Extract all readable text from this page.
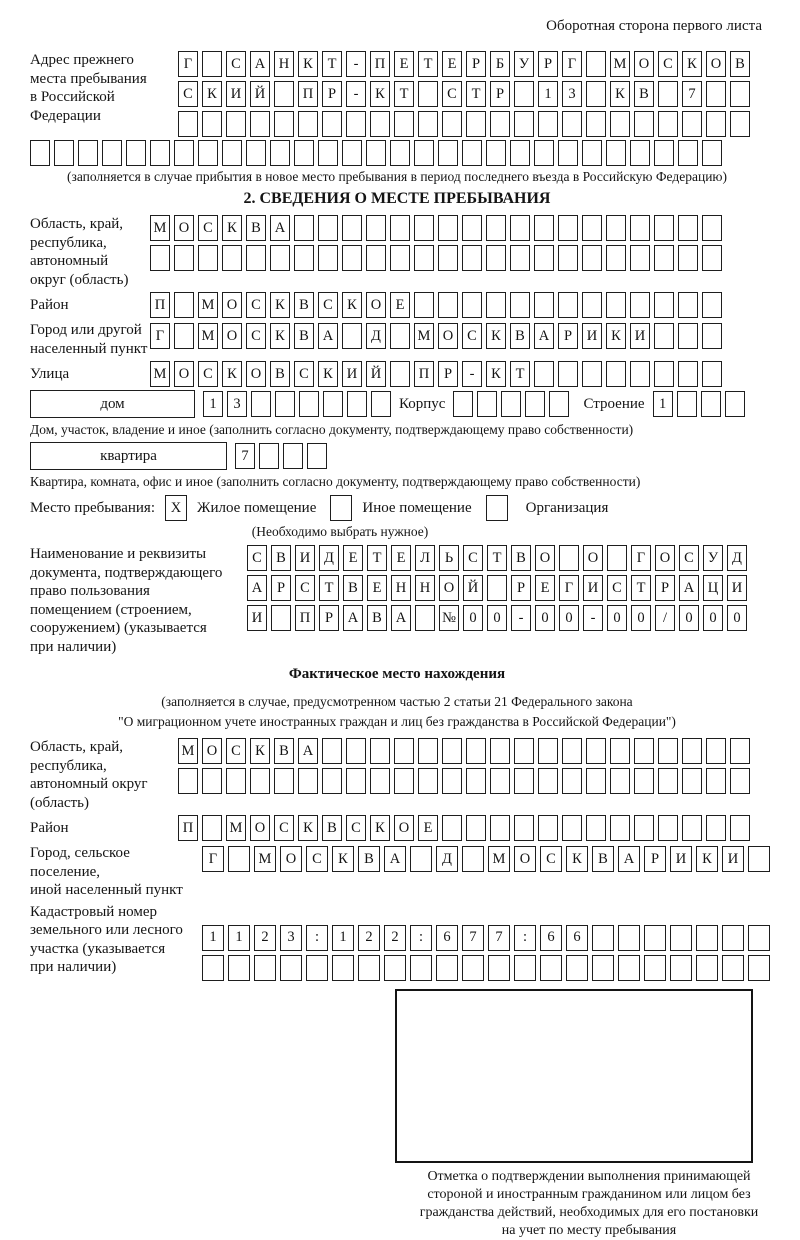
Оборотная сторона первого листа
Адрес прежнего
места пребывания
в Российской
Федерации
Г	С А Н К	Т	-	П Е	Т	Е	Р	Б	У	Р	Г	М О С К О В
С К И Й	П	Р	-	К	Т	С	Т	Р	1	3	К В	7
(заполняется в случае прибытия в новое место пребывания в период последнего въезда в Российскую Федерацию)
2. СВЕДЕНИЯ О МЕСТЕ ПРЕБЫВАНИЯ
Область, край,
республика,
автономный
округ (область)
М О С К В А
Район	П	М О С К В С К О Е
Город или другой
населенный пункт
Г	М О С К В А	Д	М О С К В А	Р	И К И
Улица	М О С К О В С К И Й	П	Р	-	К	Т
дом	1	3	Корпус	Строение 1
Дом, участок, владение и иное (заполнить согласно документу, подтверждающему право собственности)
квартира	7
Квартира, комната, офис и иное (заполнить согласно документу, подтверждающему право собственности)
Место пребывания:	X	Жилое помещение	Иное помещение	Организация
(Необходимо выбрать нужное)
Наименование и реквизиты
документа, подтверждающего
право пользования
помещением (строением,
сооружением) (указывается
при наличии)
С В И Д	Е	Т	Е	Л	Ь	С	Т	В О	О	Г	О С У Д
А	Р	С	Т	В	Е Н Н О Й	Р	Е	Г	И С	Т	Р	А Ц И
И	П	Р	А В А	№ 0	0	-	0	0	-	0	0	/	0	0	0
Фактическое место нахождения
(заполняется в случае, предусмотренном частью 2 статьи 21 Федерального закона
"О миграционном учете иностранных граждан и лиц без гражданства в Российской Федерации")
Область, край,
республика,
автономный округ
(область)
М О С К В А
Район	П	М О С К В С К О Е
Город, сельское поселение,
иной населенный пункт
Г	М О	С	К	В	А	Д	М О	С	К	В	А	Р	И	К	И
Кадастровый номер
земельного или лесного
участка (указывается
при наличии)
1	1	2	3	:	1	2	2	:	6	7	7	:	6	6
Отметка о подтверждении выполнения принимающей
стороной и иностранным гражданином или лицом без
гражданства действий, необходимых для его постановки
на учет по месту пребывания
